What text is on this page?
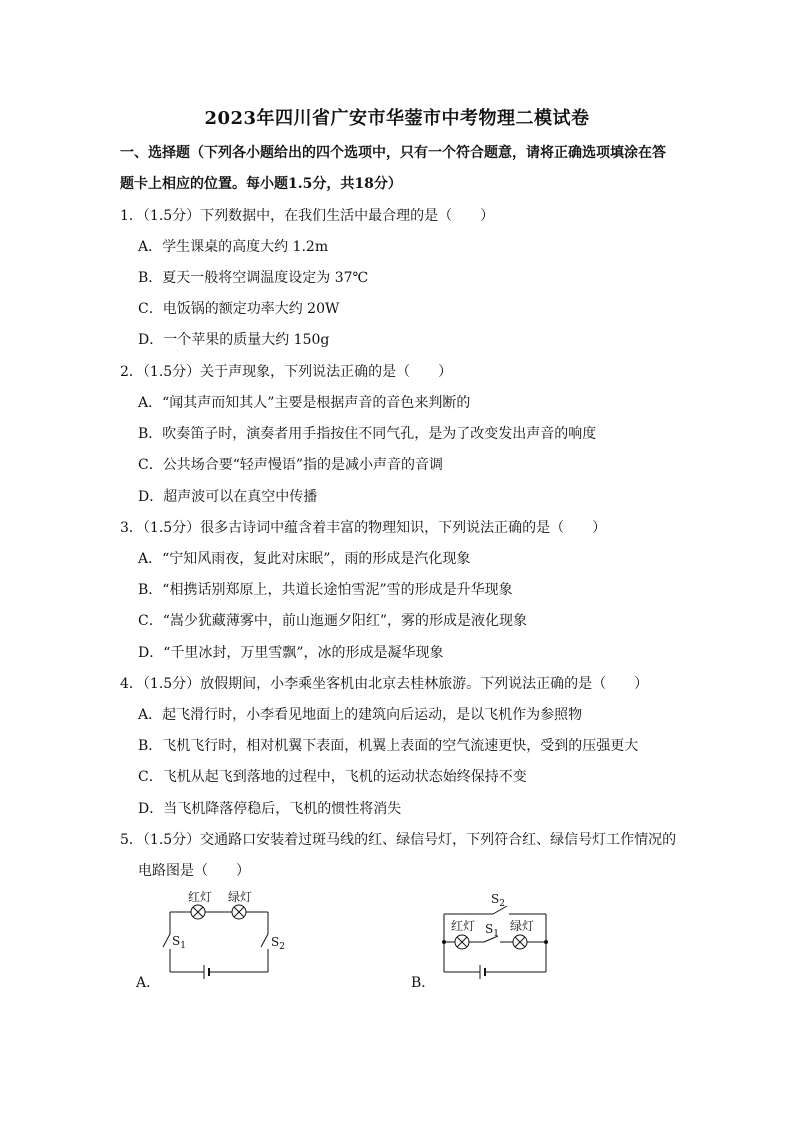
2023年四川省广安市华蓥市中考物理二模试卷
一、选择题（下列各小题给出的四个选项中，只有一个符合题意，请将正确选项填涂在答
题卡上相应的位置。每小题1.5分，共18分）
1．（1.5分）下列数据中，在我们生活中最合理的是（　　）
A．学生课桌的高度大约 1.2m
B．夏天一般将空调温度设定为 37℃
C．电饭锅的额定功率大约 20W
D．一个苹果的质量大约 150g
2．（1.5分）关于声现象，下列说法正确的是（　　）
A．“闻其声而知其人”主要是根据声音的音色来判断的
B．吹奏笛子时，演奏者用手指按住不同气孔，是为了改变发出声音的响度
C．公共场合要“轻声慢语”指的是减小声音的音调
D．超声波可以在真空中传播
3．（1.5分）很多古诗词中蕴含着丰富的物理知识，下列说法正确的是（　　）
A．“宁知风雨夜，复此对床眠”，雨的形成是汽化现象
B．“相携话别郑原上，共道长途怕雪泥”雪的形成是升华现象
C．“嵩少犹藏薄雾中，前山迤逦夕阳红”，雾的形成是液化现象
D．“千里冰封，万里雪飘”，冰的形成是凝华现象
4．（1.5分）放假期间，小李乘坐客机由北京去桂林旅游。下列说法正确的是（　　）
A．起飞滑行时，小李看见地面上的建筑向后运动，是以飞机作为参照物
B．飞机飞行时，相对机翼下表面，机翼上表面的空气流速更快，受到的压强更大
C．飞机从起飞到落地的过程中，飞机的运动状态始终保持不变
D．当飞机降落停稳后，飞机的惯性将消失
5．（1.5分）交通路口安装着过斑马线的红、绿信号灯，下列符合红、绿信号灯工作情况的
电路图是（　　）
红灯 绿灯
$S_1$	$S_2$
A．
$S_2$
红灯 $S_1$
绿灯
B．
